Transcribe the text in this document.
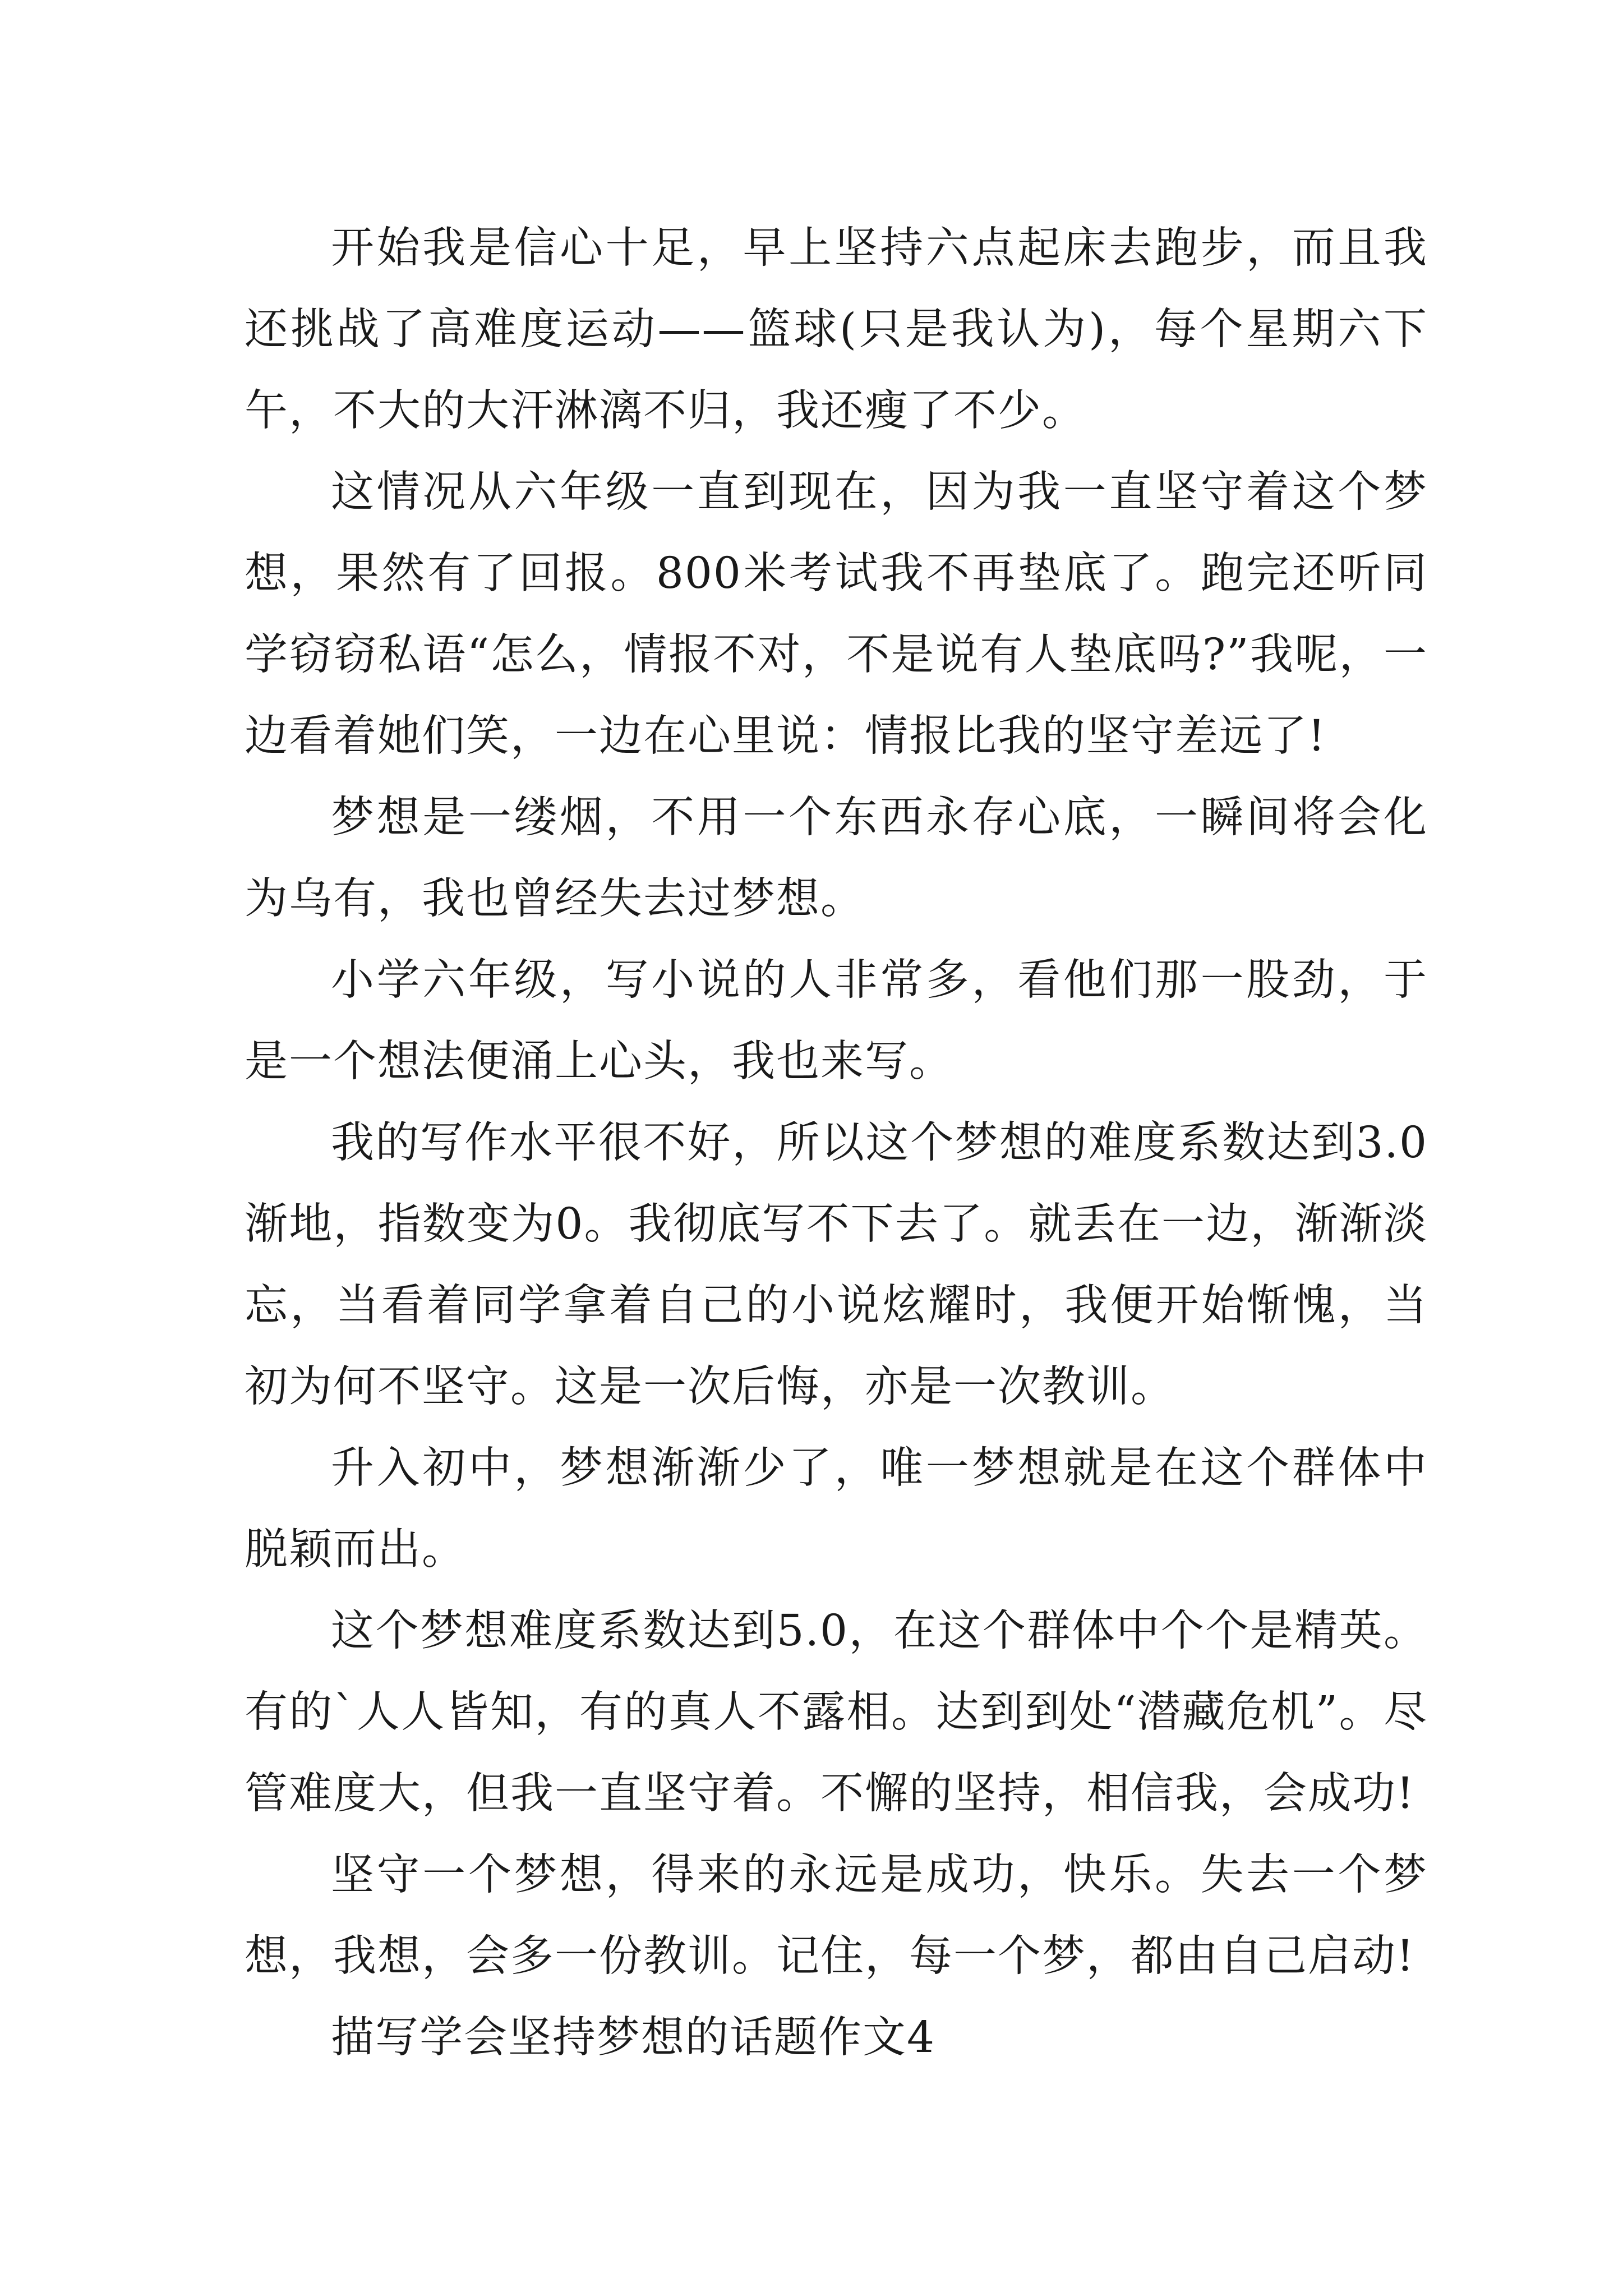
开始我是信心十足，早上坚持六点起床去跑步，而且我还挑战了高难度运动——篮球(只是我认为)，每个星期六下午，不大的大汗淋漓不归，我还瘦了不少。

这情况从六年级一直到现在，因为我一直坚守着这个梦想，果然有了回报。800米考试我不再垫底了。跑完还听同学窃窃私语“怎么，情报不对，不是说有人垫底吗?”我呢，一边看着她们笑，一边在心里说：情报比我的坚守差远了!

梦想是一缕烟，不用一个东西永存心底，一瞬间将会化为乌有，我也曾经失去过梦想。

小学六年级，写小说的人非常多，看他们那一股劲，于是一个想法便涌上心头，我也来写。

我的写作水平很不好，所以这个梦想的难度系数达到3.0渐地，指数变为0。我彻底写不下去了。就丢在一边，渐渐淡忘，当看着同学拿着自己的小说炫耀时，我便开始惭愧，当初为何不坚守。这是一次后悔，亦是一次教训。

升入初中，梦想渐渐少了，唯一梦想就是在这个群体中脱颖而出。

这个梦想难度系数达到5.0，在这个群体中个个是精英。有的`人人皆知，有的真人不露相。达到到处“潜藏危机”。尽管难度大，但我一直坚守着。不懈的坚持，相信我，会成功!

坚守一个梦想，得来的永远是成功，快乐。失去一个梦想，我想，会多一份教训。记住，每一个梦，都由自己启动!

描写学会坚持梦想的话题作文4
